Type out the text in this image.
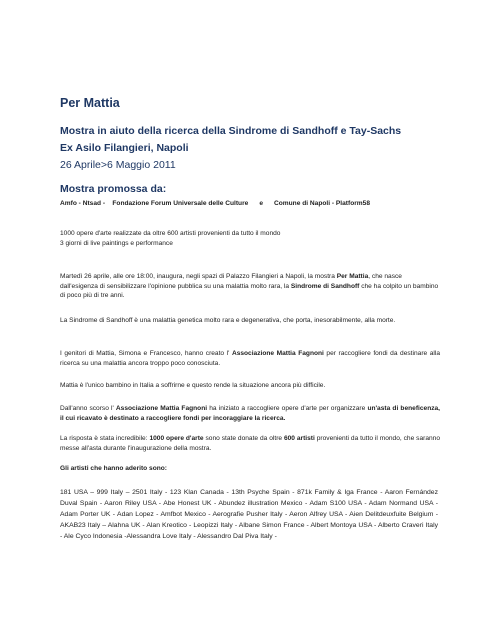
Per Mattia
Mostra in aiuto della ricerca della Sindrome di Sandhoff e Tay-Sachs
Ex Asilo Filangieri, Napoli
26 Aprile>6 Maggio 2011
Mostra promossa da:
Amfo - Ntsad - Fondazione Forum Universale delle Culture e Comune di Napoli - Platform58
1000 opere d'arte realizzate da oltre 600 artisti provenienti da tutto il mondo
3 giorni di live paintings e performance

Martedì 26 aprile, alle ore 18:00, inaugura, negli spazi di Palazzo Filangieri a Napoli, la mostra Per Mattia, che nasce dall'esigenza di sensibilizzare l'opinione pubblica su una malattia molto rara, la Sindrome di Sandhoff che ha colpito un bambino di poco più di tre anni.

La Sindrome di Sandhoff è una malattia genetica molto rara e degenerativa, che porta, inesorabilmente, alla morte.

I genitori di Mattia, Simona e Francesco, hanno creato l' Associazione Mattia Fagnoni per raccogliere fondi da destinare alla ricerca su una malattia ancora troppo poco conosciuta.

Mattia è l'unico bambino in Italia a soffrirne e questo rende la situazione ancora più difficile.

Dall'anno scorso l' Associazione Mattia Fagnoni ha iniziato a raccogliere opere d'arte per organizzare un'asta di beneficenza, il cui ricavato è destinato a raccogliere fondi per incoraggiare la ricerca.

La risposta è stata incredibile: 1000 opere d'arte sono state donate da oltre 600 artisti provenienti da tutto il mondo, che saranno messe all'asta durante l'inaugurazione della mostra.

Gli artisti che hanno aderito sono:

181 USA – 999 Italy – 2501 Italy - 123 Klan Canada - 13th Psyche Spain - 871k Family & Iga France - Aaron Fernández Duval Spain - Aaron Riley USA - Abe Honest UK - Abundez illustration Mexico - Adam S100 USA - Adam Normand USA - Adam Porter UK - Adan Lopez - Amfbot Mexico - Aerografie Pusher Italy - Aeron Alfrey USA - Aien Delitdeuxfuite Belgium - AKAB23 Italy – Alahna UK - Alan Kreotico - Leopizzi Italy - Albane Simon France - Albert Montoya USA - Alberto Craveri Italy - Ale Cyco Indonesia -Alessandra Love Italy - Alessandro Dal Piva Italy -
